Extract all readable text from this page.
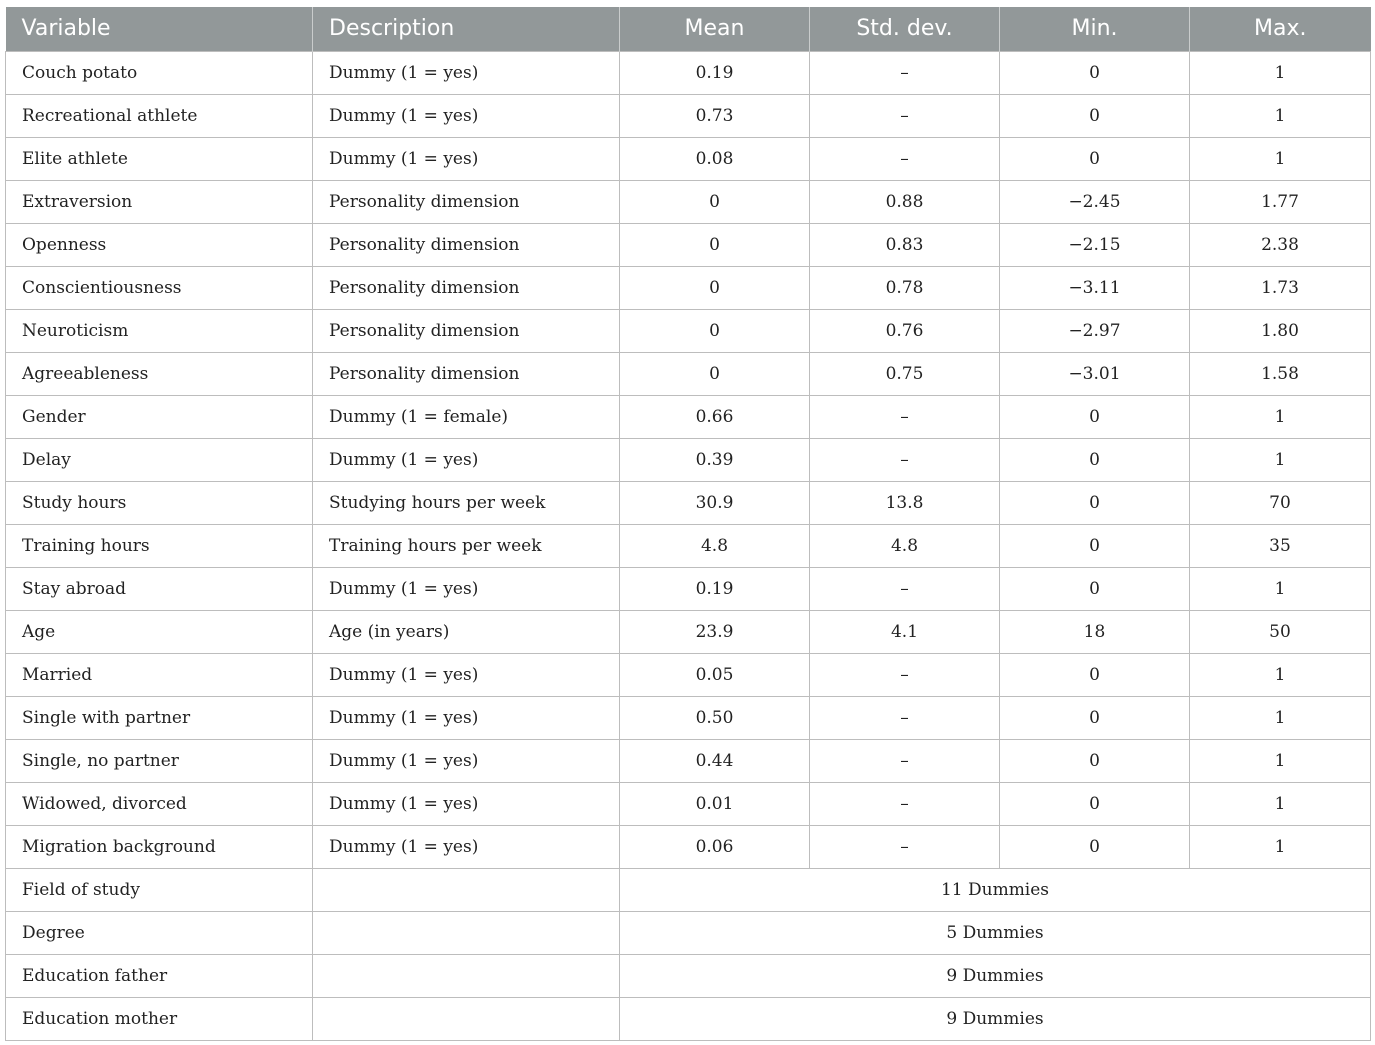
Variable	Description	Mean	Std. dev.	Min.	Max.
Couch potato	Dummy (1 = yes)	0.19	–	0	1
Recreational athlete	Dummy (1 = yes)	0.73	–	0	1
Elite athlete	Dummy (1 = yes)	0.08	–	0	1
Extraversion	Personality dimension	0	0.88	−2.45	1.77
Openness	Personality dimension	0	0.83	−2.15	2.38
Conscientiousness	Personality dimension	0	0.78	−3.11	1.73
Neuroticism	Personality dimension	0	0.76	−2.97	1.80
Agreeableness	Personality dimension	0	0.75	−3.01	1.58
Gender	Dummy (1 = female)	0.66	–	0	1
Delay	Dummy (1 = yes)	0.39	–	0	1
Study hours	Studying hours per week	30.9	13.8	0	70
Training hours	Training hours per week	4.8	4.8	0	35
Stay abroad	Dummy (1 = yes)	0.19	–	0	1
Age	Age (in years)	23.9	4.1	18	50
Married	Dummy (1 = yes)	0.05	–	0	1
Single with partner	Dummy (1 = yes)	0.50	–	0	1
Single, no partner	Dummy (1 = yes)	0.44	–	0	1
Widowed, divorced	Dummy (1 = yes)	0.01	–	0	1
Migration background	Dummy (1 = yes)	0.06	–	0	1
Field of study		11 Dummies			
Degree		5 Dummies			
Education father		9 Dummies			
Education mother		9 Dummies			
